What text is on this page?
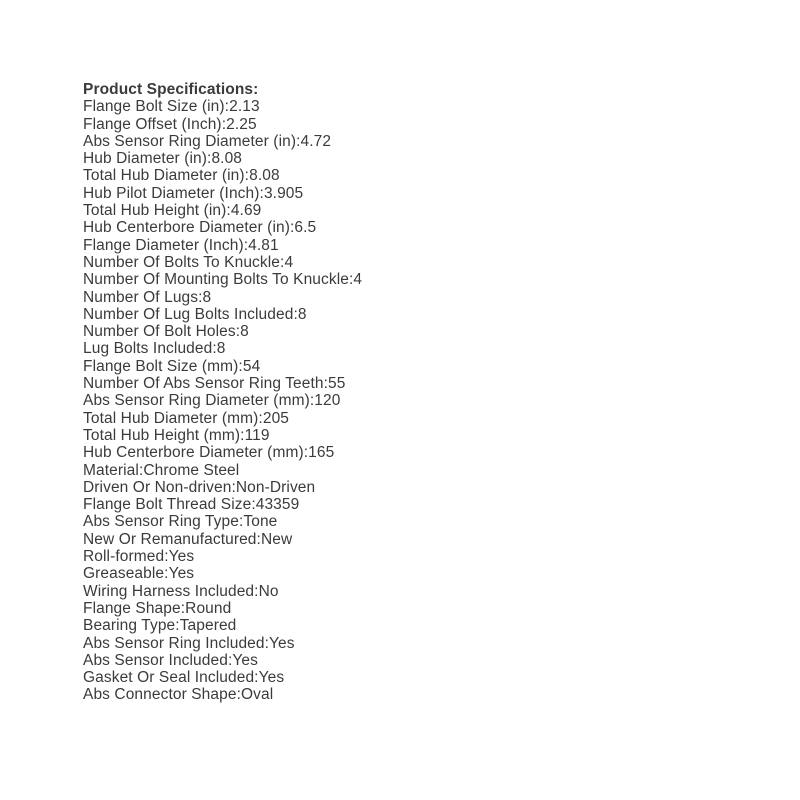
Product Specifications:
Flange Bolt Size (in):2.13
Flange Offset (Inch):2.25
Abs Sensor Ring Diameter (in):4.72
Hub Diameter (in):8.08
Total Hub Diameter (in):8.08
Hub Pilot Diameter (Inch):3.905
Total Hub Height (in):4.69
Hub Centerbore Diameter (in):6.5
Flange Diameter (Inch):4.81
Number Of Bolts To Knuckle:4
Number Of Mounting Bolts To Knuckle:4
Number Of Lugs:8
Number Of Lug Bolts Included:8
Number Of Bolt Holes:8
Lug Bolts Included:8
Flange Bolt Size (mm):54
Number Of Abs Sensor Ring Teeth:55
Abs Sensor Ring Diameter (mm):120
Total Hub Diameter (mm):205
Total Hub Height (mm):119
Hub Centerbore Diameter (mm):165
Material:Chrome Steel
Driven Or Non-driven:Non-Driven
Flange Bolt Thread Size:43359
Abs Sensor Ring Type:Tone
New Or Remanufactured:New
Roll-formed:Yes
Greaseable:Yes
Wiring Harness Included:No
Flange Shape:Round
Bearing Type:Tapered
Abs Sensor Ring Included:Yes
Abs Sensor Included:Yes
Gasket Or Seal Included:Yes
Abs Connector Shape:Oval
